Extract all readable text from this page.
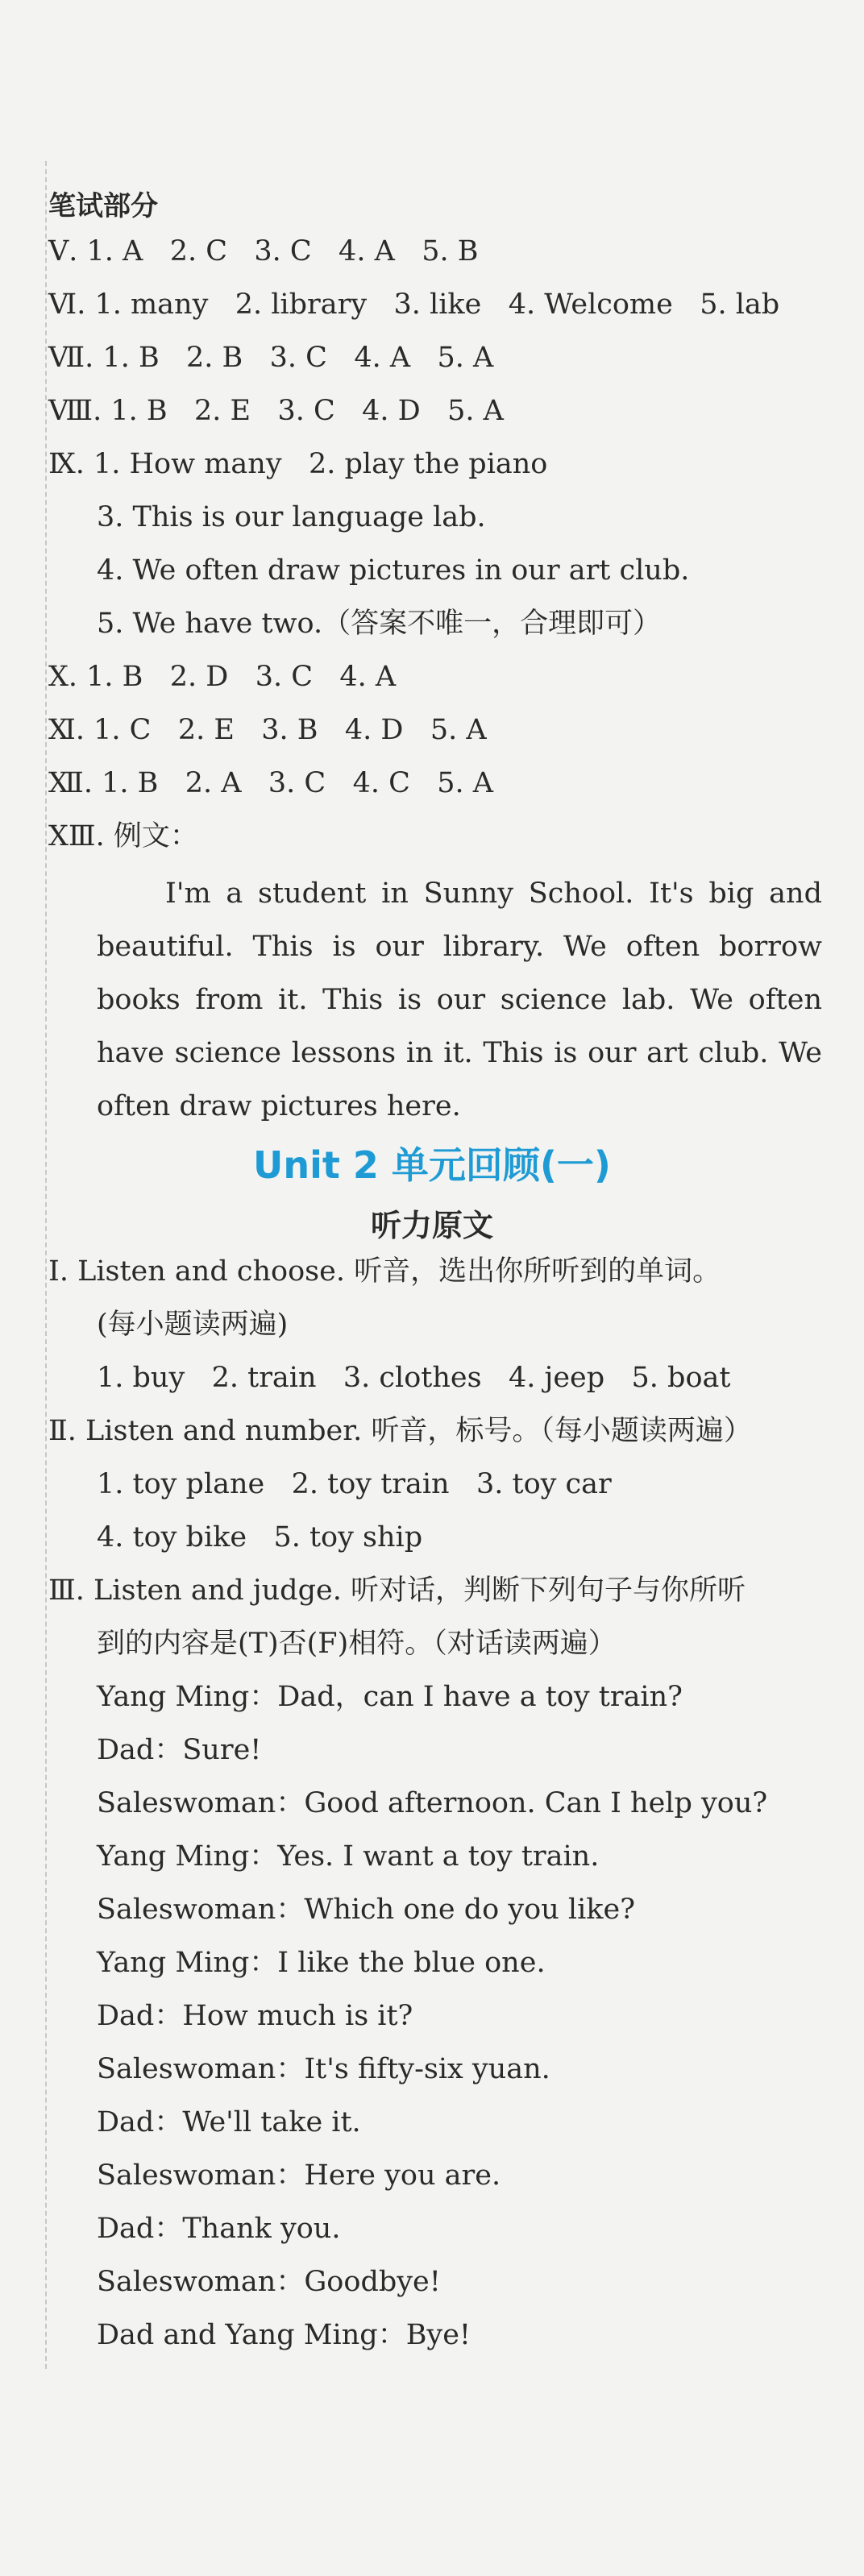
笔试部分
Ⅴ. 1. A   2. C   3. C   4. A   5. B
Ⅵ. 1. many   2. library   3. like   4. Welcome   5. lab
Ⅶ. 1. B   2. B   3. C   4. A   5. A
Ⅷ. 1. B   2. E   3. C   4. D   5. A
Ⅸ. 1. How many   2. play the piano
3. This is our language lab.
4. We often draw pictures in our art club.
5. We have two.（答案不唯一，合理即可）
Ⅹ. 1. B   2. D   3. C   4. A
Ⅺ. 1. C   2. E   3. B   4. D   5. A
Ⅻ. 1. B   2. A   3. C   4. C   5. A
ⅩⅢ. 例文：
I'm a student in Sunny School. It's big and beautiful. This is our library. We often borrow books from it. This is our science lab. We often have science lessons in it. This is our art club. We often draw pictures here.
Unit 2 单元回顾(一)
听力原文
Ⅰ. Listen and choose. 听音，选出你所听到的单词。
(每小题读两遍)
1. buy   2. train   3. clothes   4. jeep   5. boat
Ⅱ. Listen and number. 听音，标号。（每小题读两遍）
1. toy plane   2. toy train   3. toy car
4. toy bike   5. toy ship
Ⅲ. Listen and judge. 听对话，判断下列句子与你所听
到的内容是(T)否(F)相符。（对话读两遍）
Yang Ming：Dad，can I have a toy train?
Dad：Sure!
Saleswoman：Good afternoon. Can I help you?
Yang Ming：Yes. I want a toy train.
Saleswoman：Which one do you like?
Yang Ming：I like the blue one.
Dad：How much is it?
Saleswoman：It's fifty-six yuan.
Dad：We'll take it.
Saleswoman：Here you are.
Dad：Thank you.
Saleswoman：Goodbye!
Dad and Yang Ming：Bye!
